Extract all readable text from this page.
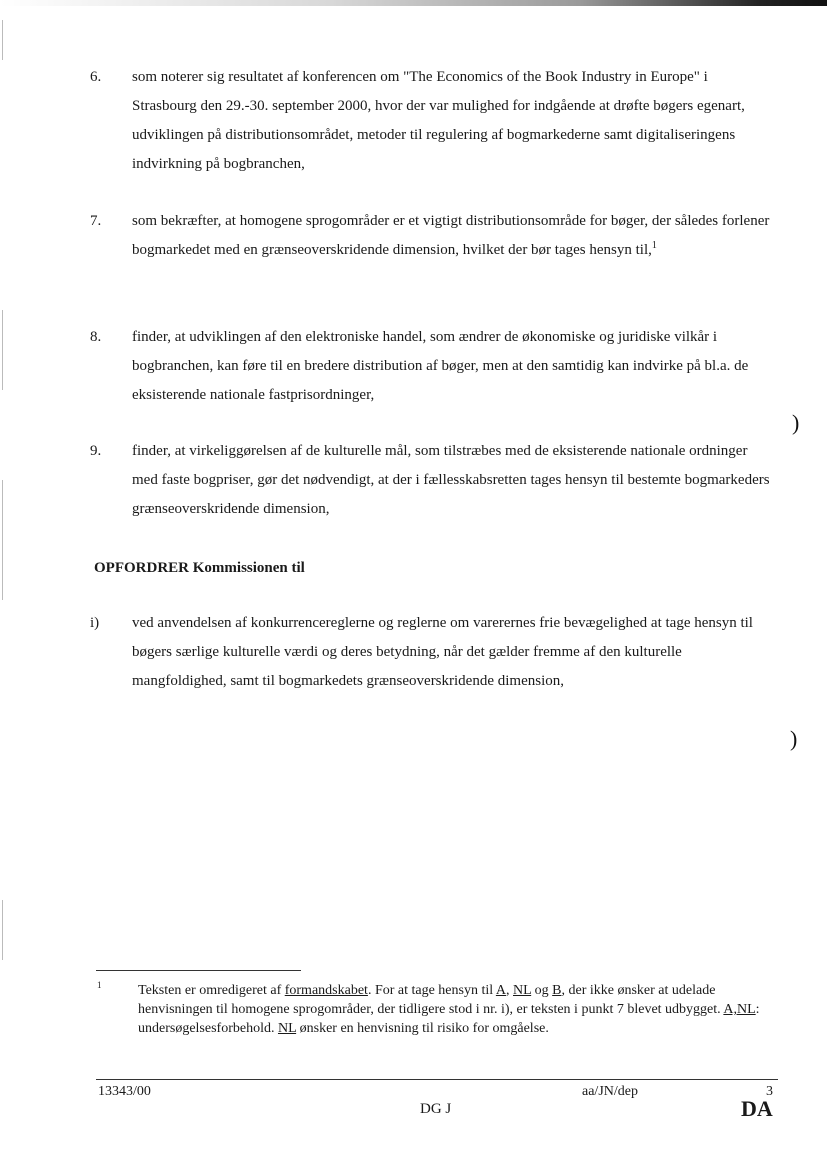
6. som noterer sig resultatet af konferencen om "The Economics of the Book Industry in Europe" i Strasbourg den 29.-30. september 2000, hvor der var mulighed for indgående at drøfte bøgers egenart, udviklingen på distributionsområdet, metoder til regulering af bogmarkederne samt digitaliseringens indvirkning på bogbranchen,
7. som bekræfter, at homogene sprogområder er et vigtigt distributionsområde for bøger, der således forlener bogmarkedet med en grænseoverskridende dimension, hvilket der bør tages hensyn til,$^1$
8. finder, at udviklingen af den elektroniske handel, som ændrer de økonomiske og juridiske vilkår i bogbranchen, kan føre til en bredere distribution af bøger, men at den samtidig kan indvirke på bl.a. de eksisterende nationale fastprisordninger,
9. finder, at virkeliggørelsen af de kulturelle mål, som tilstræbes med de eksisterende nationale ordninger med faste bogpriser, gør det nødvendigt, at der i fællesskabsretten tages hensyn til bestemte bogmarkeders grænseoverskridende dimension,
OPFORDRER Kommissionen til
i) ved anvendelsen af konkurrencereglerne og reglerne om varerernes frie bevægelighed at tage hensyn til bøgers særlige kulturelle værdi og deres betydning, når det gælder fremme af den kulturelle mangfoldighed, samt til bogmarkedets grænseoverskridende dimension,
)
)
1	Teksten er omredigeret af formandskabet. For at tage hensyn til A, NL og B, der ikke ønsker at udelade henvisningen til homogene sprogområder, der tidligere stod i nr. i), er teksten i punkt 7 blevet udbygget. A,NL: undersøgelsesforbehold. NL ønsker en henvisning til risiko for omgåelse.
13343/00	aa/JN/dep	3
DG J	DA
